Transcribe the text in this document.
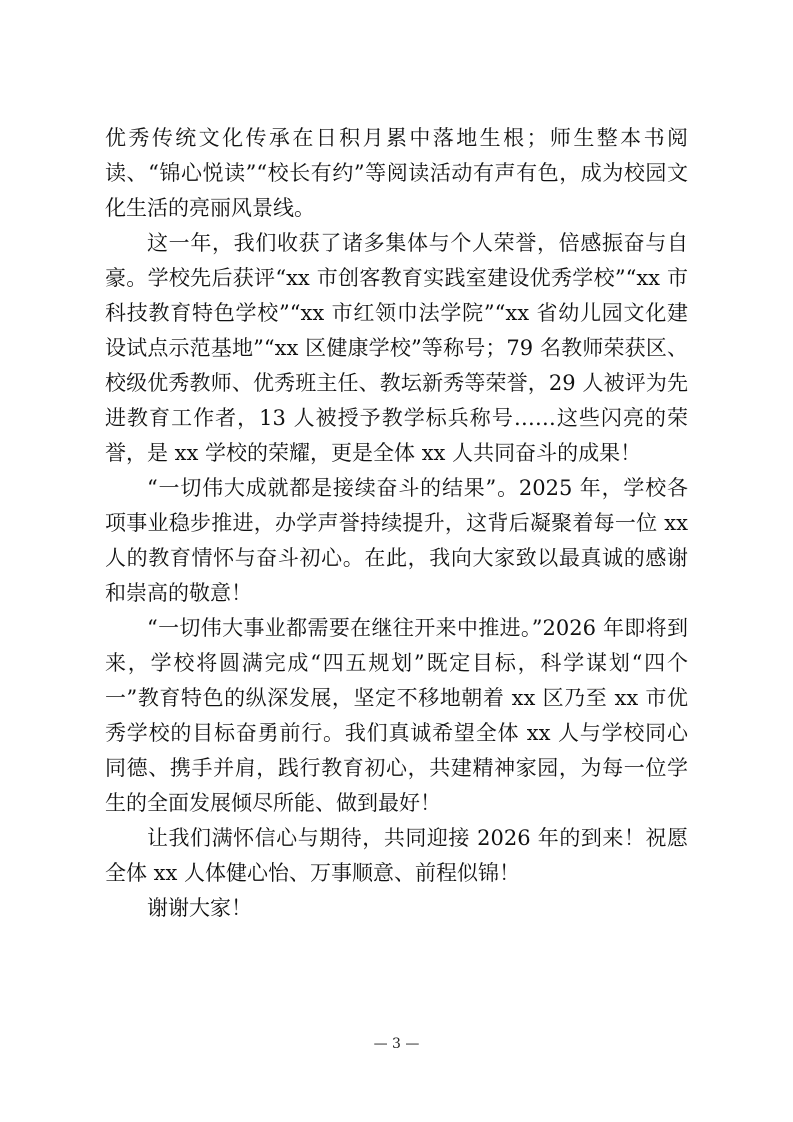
优秀传统文化传承在日积月累中落地生根；师生整本书阅读、“锦心悦读”“校长有约”等阅读活动有声有色，成为校园文化生活的亮丽风景线。

这一年，我们收获了诸多集体与个人荣誉，倍感振奋与自豪。学校先后获评“xx 市创客教育实践室建设优秀学校”“xx 市科技教育特色学校”“xx 市红领巾法学院”“xx 省幼儿园文化建设试点示范基地”“xx 区健康学校”等称号；79 名教师荣获区、校级优秀教师、优秀班主任、教坛新秀等荣誉，29 人被评为先进教育工作者，13 人被授予教学标兵称号……这些闪亮的荣誉，是 xx 学校的荣耀，更是全体 xx 人共同奋斗的成果！

“一切伟大成就都是接续奋斗的结果”。2025 年，学校各项事业稳步推进，办学声誉持续提升，这背后凝聚着每一位 xx 人的教育情怀与奋斗初心。在此，我向大家致以最真诚的感谢和崇高的敬意！

“一切伟大事业都需要在继往开来中推进。”2026 年即将到来，学校将圆满完成“四五规划”既定目标，科学谋划“四个一”教育特色的纵深发展，坚定不移地朝着 xx 区乃至 xx 市优秀学校的目标奋勇前行。我们真诚希望全体 xx 人与学校同心同德、携手并肩，践行教育初心，共建精神家园，为每一位学生的全面发展倾尽所能、做到最好！

让我们满怀信心与期待，共同迎接 2026 年的到来！祝愿全体 xx 人体健心怡、万事顺意、前程似锦！

谢谢大家！

— 3 —
